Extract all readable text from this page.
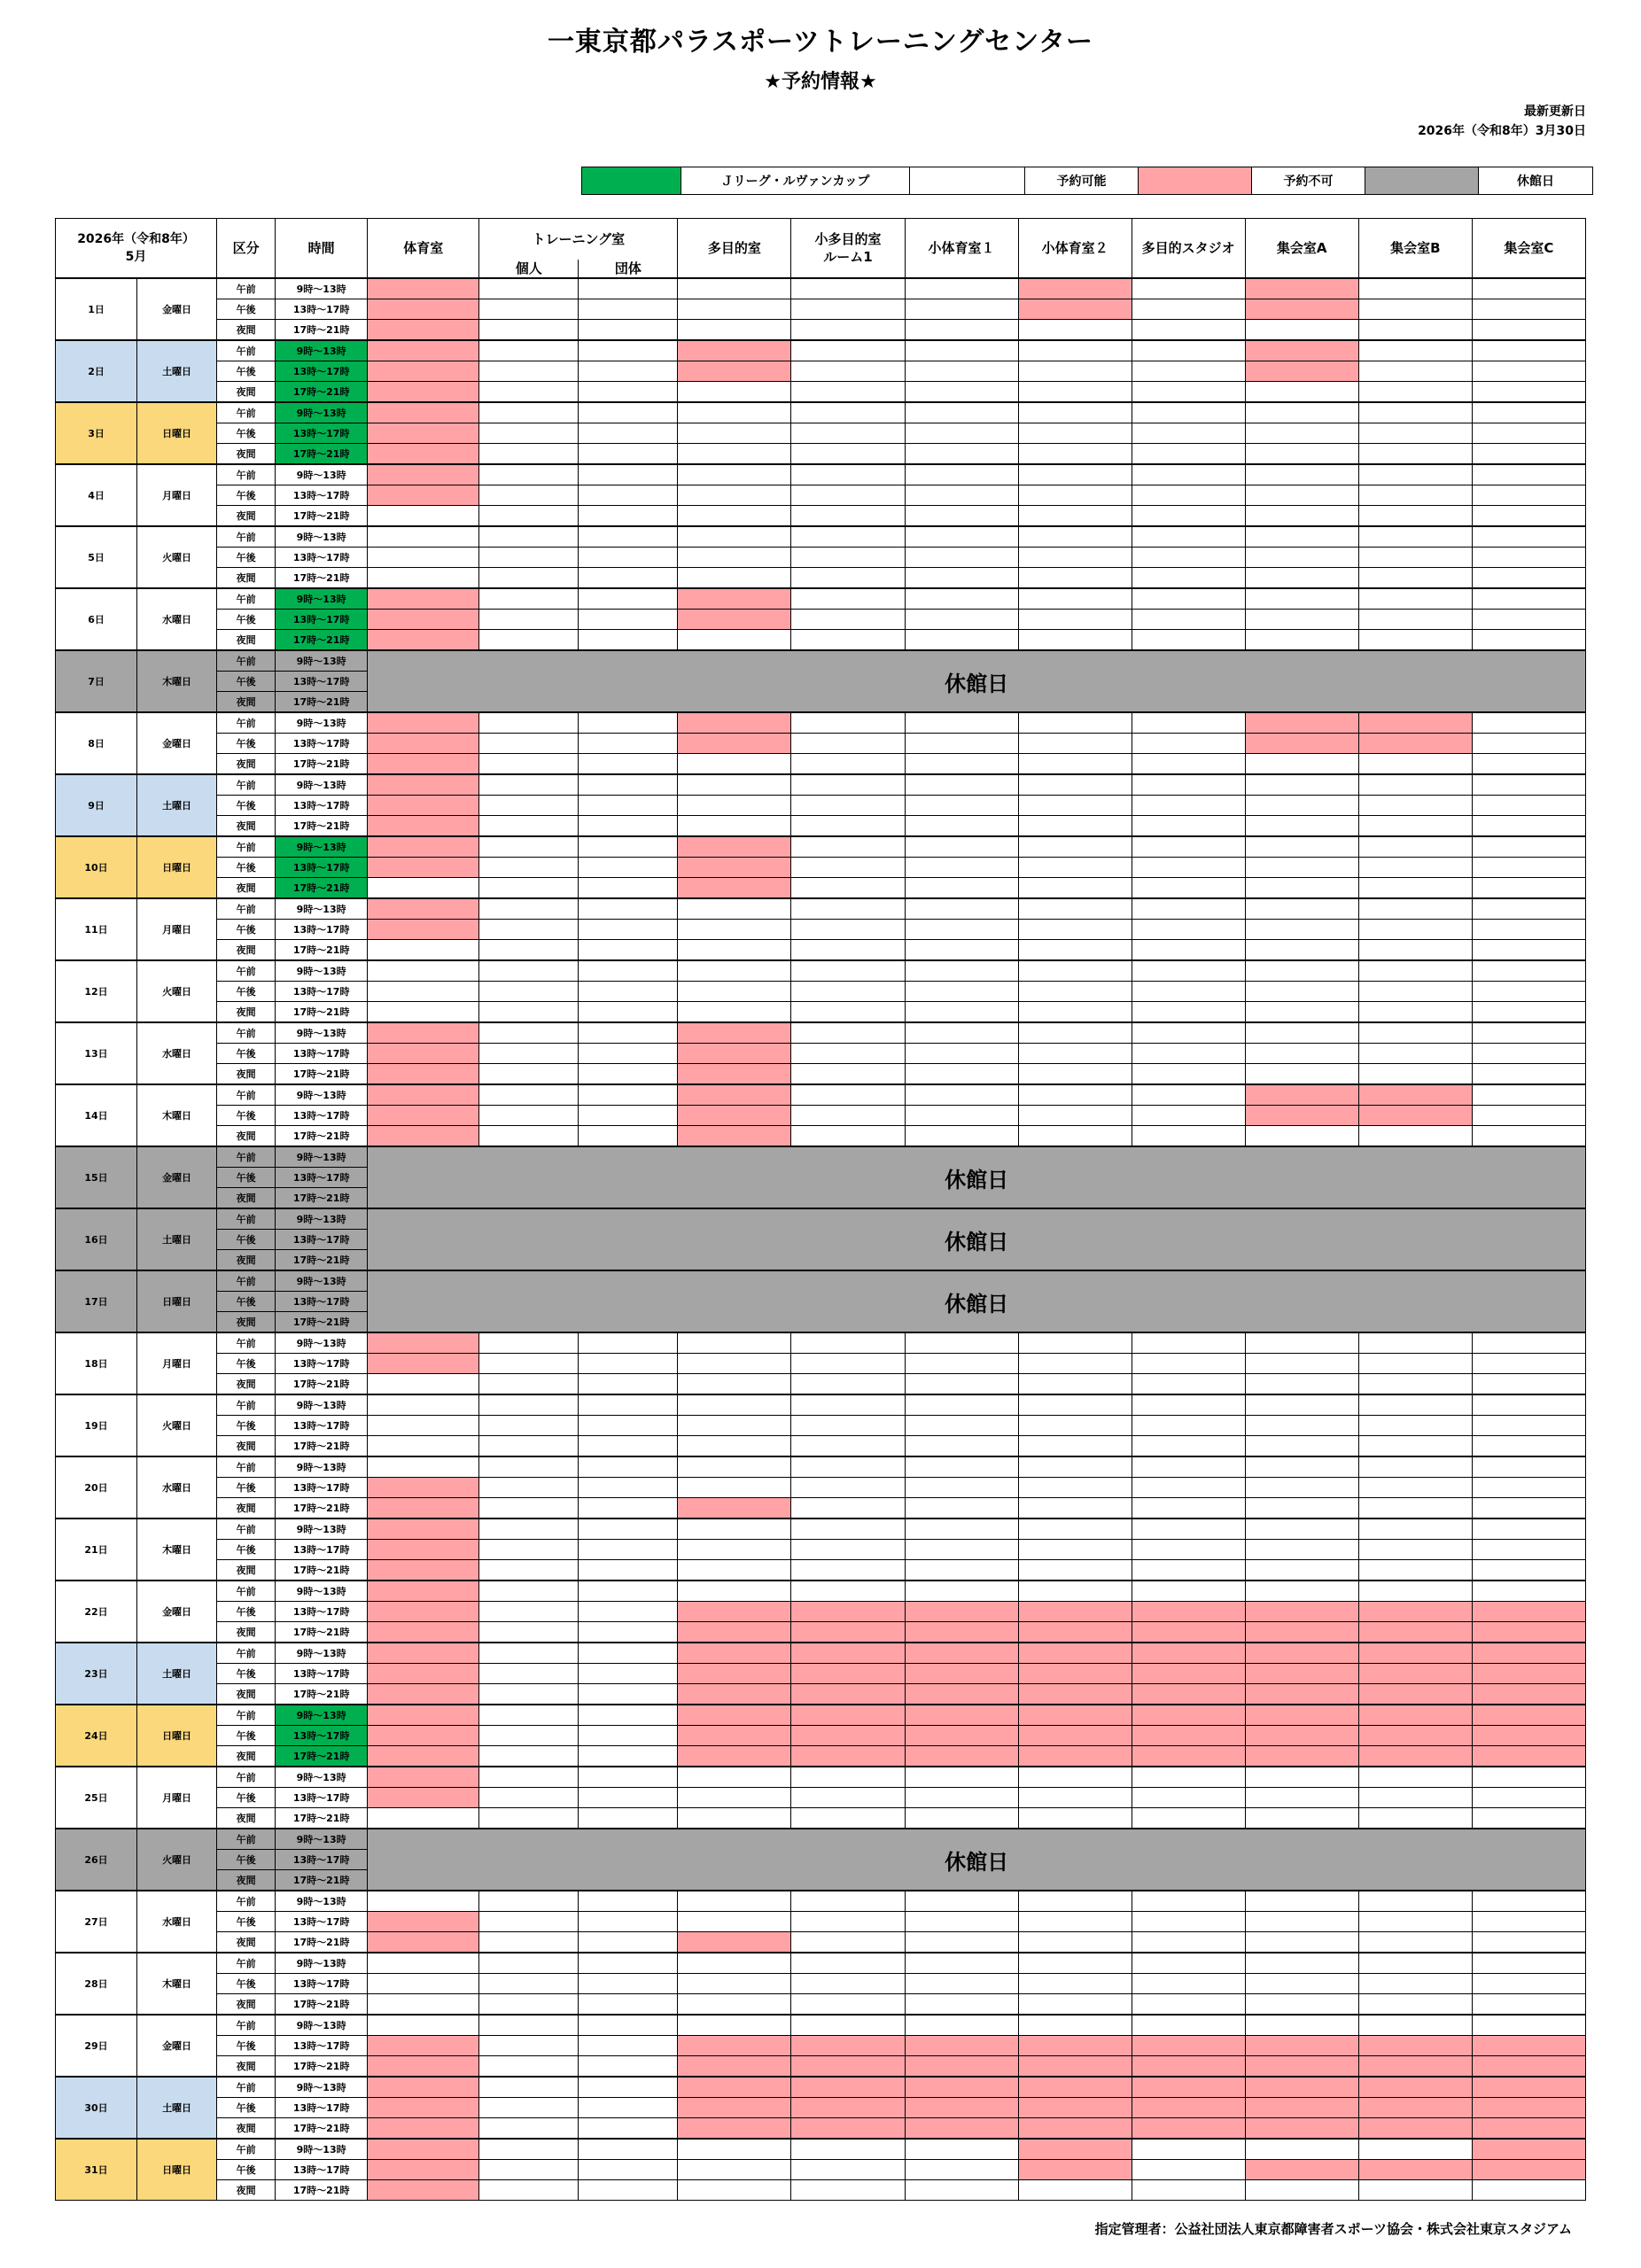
一東京都パラスポーツトレーニングセンター
★予約情報★
最新更新日
2026年（令和8年）3月30日
Ｊリーグ・ルヴァンカップ	予約可能	予約不可	休館日
2026年（令和8年）
5月		区分	時間	体育室	トレーニング室		多目的室	小多目的室
ルーム1	小体育室１	小体育室２	多目的スタジオ	集会室A	集会室B	集会室C
					個人	団体								
1日	金曜日	午前	9時～13時											
		午後	13時～17時											
		夜間	17時～21時											
2日	土曜日	午前	9時～13時											
		午後	13時～17時											
		夜間	17時～21時											
3日	日曜日	午前	9時～13時											
		午後	13時～17時											
		夜間	17時～21時											
4日	月曜日	午前	9時～13時											
		午後	13時～17時											
		夜間	17時～21時											
5日	火曜日	午前	9時～13時											
		午後	13時～17時											
		夜間	17時～21時											
6日	水曜日	午前	9時～13時											
		午後	13時～17時											
		夜間	17時～21時											
7日	木曜日	午前	9時～13時	休館日										
		午後	13時～17時											
		夜間	17時～21時											
8日	金曜日	午前	9時～13時											
		午後	13時～17時											
		夜間	17時～21時											
9日	土曜日	午前	9時～13時											
		午後	13時～17時											
		夜間	17時～21時											
10日	日曜日	午前	9時～13時											
		午後	13時～17時											
		夜間	17時～21時											
11日	月曜日	午前	9時～13時											
		午後	13時～17時											
		夜間	17時～21時											
12日	火曜日	午前	9時～13時											
		午後	13時～17時											
		夜間	17時～21時											
13日	水曜日	午前	9時～13時											
		午後	13時～17時											
		夜間	17時～21時											
14日	木曜日	午前	9時～13時											
		午後	13時～17時											
		夜間	17時～21時											
15日	金曜日	午前	9時～13時	休館日										
		午後	13時～17時											
		夜間	17時～21時											
16日	土曜日	午前	9時～13時	休館日										
		午後	13時～17時											
		夜間	17時～21時											
17日	日曜日	午前	9時～13時	休館日										
		午後	13時～17時											
		夜間	17時～21時											
18日	月曜日	午前	9時～13時											
		午後	13時～17時											
		夜間	17時～21時											
19日	火曜日	午前	9時～13時											
		午後	13時～17時											
		夜間	17時～21時											
20日	水曜日	午前	9時～13時											
		午後	13時～17時											
		夜間	17時～21時											
21日	木曜日	午前	9時～13時											
		午後	13時～17時											
		夜間	17時～21時											
22日	金曜日	午前	9時～13時											
		午後	13時～17時											
		夜間	17時～21時											
23日	土曜日	午前	9時～13時											
		午後	13時～17時											
		夜間	17時～21時											
24日	日曜日	午前	9時～13時											
		午後	13時～17時											
		夜間	17時～21時											
25日	月曜日	午前	9時～13時											
		午後	13時～17時											
		夜間	17時～21時											
26日	火曜日	午前	9時～13時	休館日										
		午後	13時～17時											
		夜間	17時～21時											
27日	水曜日	午前	9時～13時											
		午後	13時～17時											
		夜間	17時～21時											
28日	木曜日	午前	9時～13時											
		午後	13時～17時											
		夜間	17時～21時											
29日	金曜日	午前	9時～13時											
		午後	13時～17時											
		夜間	17時～21時											
30日	土曜日	午前	9時～13時											
		午後	13時～17時											
		夜間	17時～21時											
31日	日曜日	午前	9時～13時											
		午後	13時～17時											
		夜間	17時～21時											
指定管理者：公益社団法人東京都障害者スポーツ協会・株式会社東京スタジアム
